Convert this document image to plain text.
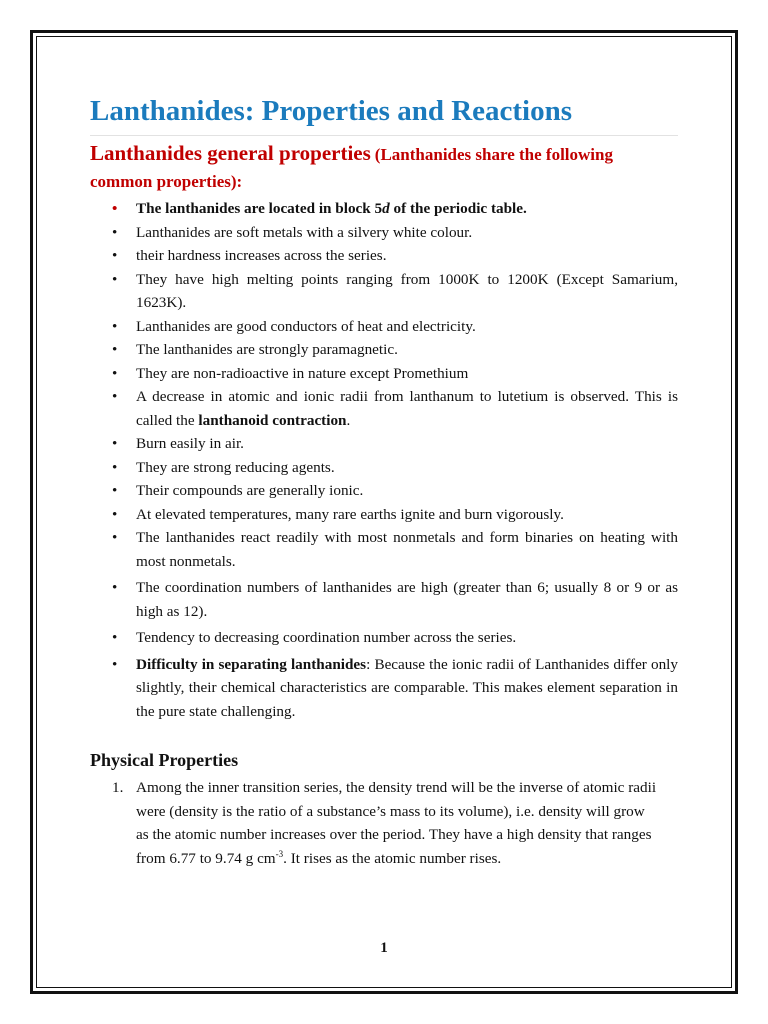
Lanthanides: Properties and Reactions
Lanthanides general properties (Lanthanides share the following common properties):
• The lanthanides are located in block 5d of the periodic table.
• Lanthanides are soft metals with a silvery white colour.
• their hardness increases across the series.
• They have high melting points ranging from 1000K to 1200K (Except Samarium, 1623K).
• Lanthanides are good conductors of heat and electricity.
• The lanthanides are strongly paramagnetic.
• They are non-radioactive in nature except Promethium
• A decrease in atomic and ionic radii from lanthanum to lutetium is observed. This is called the lanthanoid contraction.
• Burn easily in air.
• They are strong reducing agents.
• Their compounds are generally ionic.
• At elevated temperatures, many rare earths ignite and burn vigorously.
• The lanthanides react readily with most nonmetals and form binaries on heating with most nonmetals.
• The coordination numbers of lanthanides are high (greater than 6; usually 8 or 9 or as high as 12).
• Tendency to decreasing coordination number across the series.
• Difficulty in separating lanthanides: Because the ionic radii of Lanthanides differ only slightly, their chemical characteristics are comparable. This makes element separation in the pure state challenging.
Physical Properties
1. Among the inner transition series, the density trend will be the inverse of atomic radii were (density is the ratio of a substance’s mass to its volume), i.e. density will grow as the atomic number increases over the period. They have a high density that ranges from 6.77 to 9.74 g $cm^{-3}$. It rises as the atomic number rises.
1
